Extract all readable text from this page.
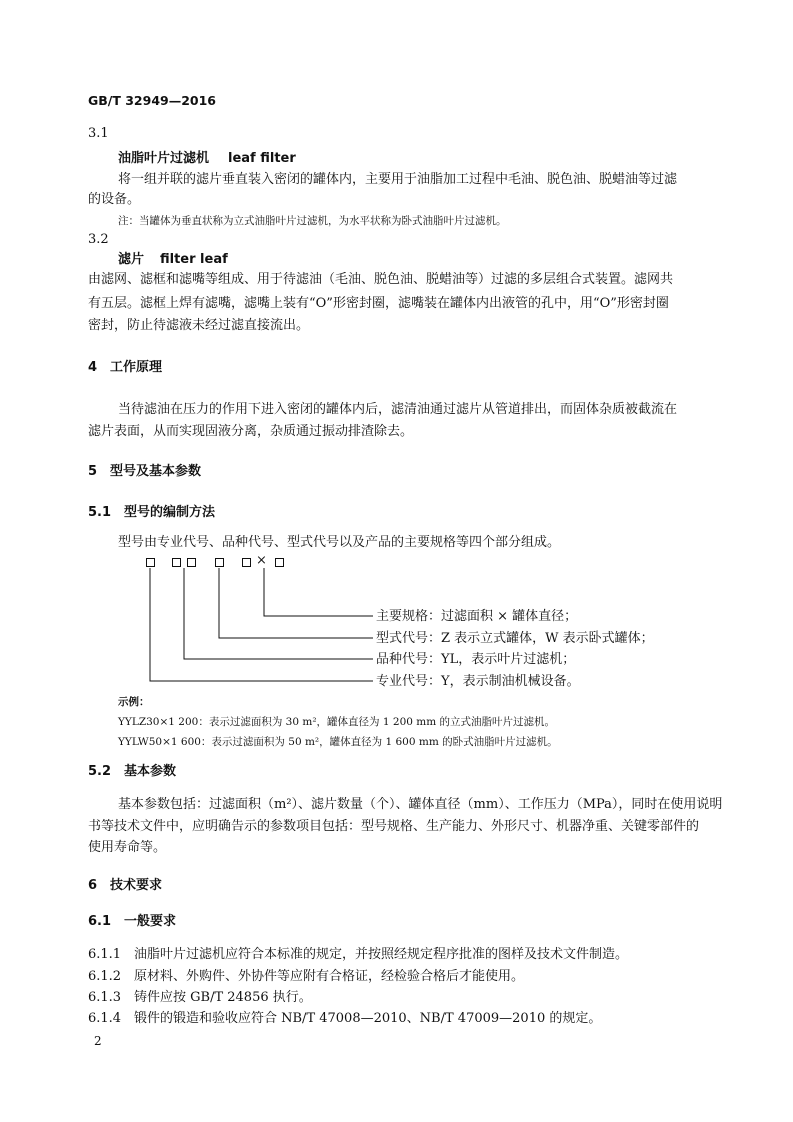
GB/T 32949—2016
3.1
油脂叶片过滤机 leaf filter
将一组并联的滤片垂直装入密闭的罐体内，主要用于油脂加工过程中毛油、脱色油、脱蜡油等过滤
的设备。
注：当罐体为垂直状称为立式油脂叶片过滤机，为水平状称为卧式油脂叶片过滤机。
3.2
滤片 filter leaf
由滤网、滤框和滤嘴等组成、用于待滤油（毛油、脱色油、脱蜡油等）过滤的多层组合式装置。滤网共
有五层。滤框上焊有滤嘴，滤嘴上装有“O”形密封圈，滤嘴装在罐体内出液管的孔中，用“O”形密封圈
密封，防止待滤液未经过滤直接流出。
4　工作原理
当待滤油在压力的作用下进入密闭的罐体内后，滤清油通过滤片从管道排出，而固体杂质被截流在
滤片表面，从而实现固液分离，杂质通过振动排渣除去。
5　型号及基本参数
5.1　型号的编制方法
型号由专业代号、品种代号、型式代号以及产品的主要规格等四个部分组成。
×
主要规格：过滤面积 × 罐体直径；
型式代号：Z 表示立式罐体，W 表示卧式罐体；
品种代号：YL，表示叶片过滤机；
专业代号：Y，表示制油机械设备。
示例：
YYLZ30×1 200：表示过滤面积为 30 m²，罐体直径为 1 200 mm 的立式油脂叶片过滤机。
YYLW50×1 600：表示过滤面积为 50 m²，罐体直径为 1 600 mm 的卧式油脂叶片过滤机。
5.2　基本参数
基本参数包括：过滤面积（m²）、滤片数量（个）、罐体直径（mm）、工作压力（MPa），同时在使用说明
书等技术文件中，应明确告示的参数项目包括：型号规格、生产能力、外形尺寸、机器净重、关键零部件的
使用寿命等。
6　技术要求
6.1　一般要求
6.1.1 油脂叶片过滤机应符合本标准的规定，并按照经规定程序批准的图样及技术文件制造。
6.1.2 原材料、外购件、外协件等应附有合格证，经检验合格后才能使用。
6.1.3 铸件应按 GB/T 24856 执行。
6.1.4 锻件的锻造和验收应符合 NB/T 47008—2010、NB/T 47009—2010 的规定。
2
